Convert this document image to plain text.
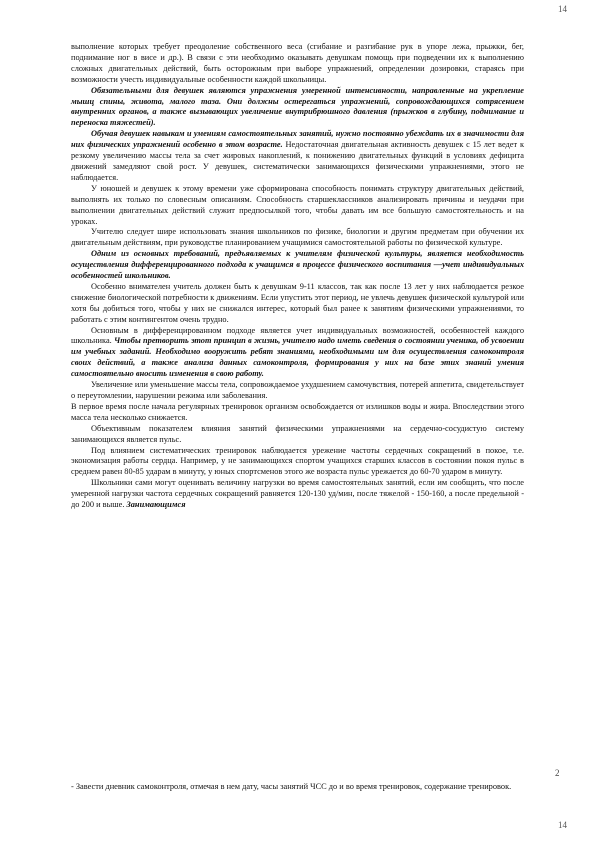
14

выполнение которых требует преодоление собственного веса (сгибание и разгибание рук в упоре лежа, прыжки, бег, поднимание ног в висе и др.). В связи с эти необходимо оказывать девушкам помощь при подведении их к выполнению сложных двигательных действий, быть осторожным при выборе упражнений, определении дозировки, стараясь при возможности учесть индивидуальные особенности каждой школьницы.

Обязательными для девушек являются упражнения умеренной интенсивности, направленные на укрепление мышц спины, живота, малого таза. Они должны остерегаться упражнений, сопровождающихся сотрясением внутренних органов, а также вызывающих увеличение внутрибрюшного давления (прыжков в глубину, поднимание и переноска тяжестей).

Обучая девушек навыкам и умениям самостоятельных занятий, нужно постоянно убеждать их в значимости для них физических упражнений особенно в этом возрасте. Недостаточная двигательная активность девушек с 15 лет ведет к резкому увеличению массы тела за счет жировых накоплений, к понижению двигательных функций в условиях дефицита движений замедляют свой рост. У девушек, систематически занимающихся физическими упражнениями, этого не наблюдается.

У юношей и девушек к этому времени уже сформирована способность понимать структуру двигательных действий, выполнять их только по словесным описаниям. Способность старшеклассников анализировать причины и неудачи при выполнении двигательных действий служит предпосылкой того, чтобы давать им все большую самостоятельность и на уроках.

Учителю следует шире использовать знания школьников по физике, биологии и другим предметам при обучении их двигательным действиям, при руководстве планированием учащимися самостоятельной работы по физической культуре.

Одним из основных требований, предъявляемых к учителям физической культуры, является необходимость осуществления дифференцированного подхода к учащимся в процессе физического воспитания —учет индивидуальных особенностей школьников.

Особенно внимателен учитель должен быть к девушкам 9-11 классов, так как после 13 лет у них наблюдается резкое снижение биологической потребности к движениям. Если упустить этот период, не увлечь девушек физической культурой или хотя бы добиться того, чтобы у них не снижался интерес, который был ранее к занятиям физическими упражнениями, то работать с этим контингентом очень трудно.

Основным в дифференцированном подходе является учет индивидуальных возможностей, особенностей каждого школьника. Чтобы претворить этот принцип в жизнь, учителю надо иметь сведения о состоянии ученика, об усвоении им учебных заданий. Необходимо вооружить ребят знаниями, необходимыми им для осуществления самоконтроля своих действий, а также анализа данных самоконтроля, формирования у них на базе этих знаний умения самостоятельно вносить изменения в свою работу.

Увеличение или уменьшение массы тела, сопровождаемое ухудшением самочувствия, потерей аппетита, свидетельствует о переутомлении, нарушении режима или заболевания.

В первое время после начала регулярных тренировок организм освобождается от излишков воды и жира. Впоследствии этого масса тела несколько снижается.

Объективным показателем влияния занятий физическими упражнениями на сердечно-сосудистую систему занимающихся является пульс.

Под влиянием систематических тренировок наблюдается урежение частоты сердечных сокращений в покое, т.е. экономизация работы сердца. Например, у не занимающихся спортом учащихся старших классов в состоянии покоя пульс в среднем равен 80-85 ударам в минуту, у юных спортсменов этого же возраста пульс урежается до 60-70 ударом в минуту.

Школьники сами могут оценивать величину нагрузки во время самостоятельных занятий, если им сообщить, что после умеренной нагрузки частота сердечных сокращений равняется 120-130 уд/мин, после тяжелой - 150-160, а после предельной - до 200 и выше. Занимающимся

2
- Завести дневник самоконтроля, отмечая в нем дату, часы занятий ЧСС до и во время тренировок, содержание тренировок.
14
